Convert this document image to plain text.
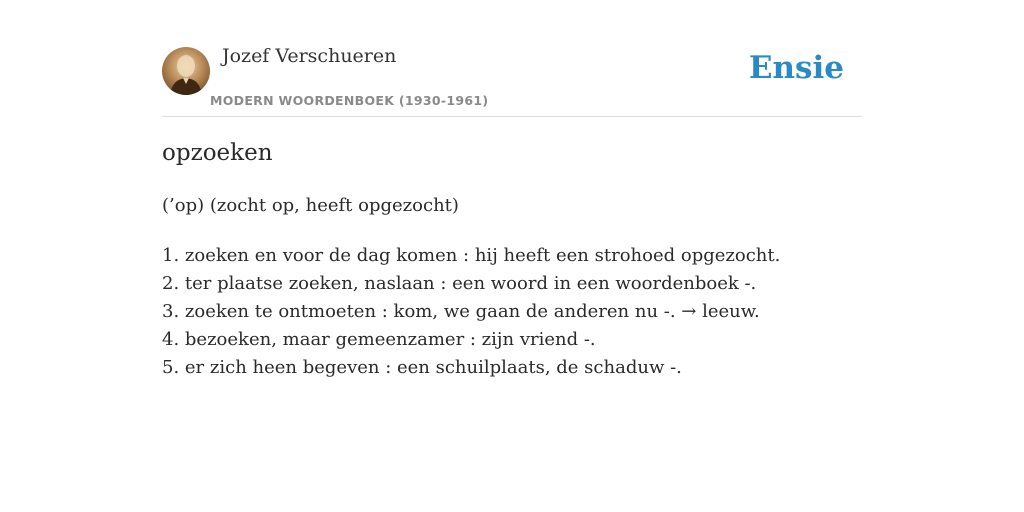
Jozef Verschueren
MODERN WOORDENBOEK (1930-1961)
Ensie
opzoeken
(’op) (zocht op, heeft opgezocht)
1. zoeken en voor de dag komen : hij heeft een strohoed opgezocht.
2. ter plaatse zoeken, naslaan : een woord in een woordenboek -.
3. zoeken te ontmoeten : kom, we gaan de anderen nu -. → leeuw.
4. bezoeken, maar gemeenzamer : zijn vriend -.
5. er zich heen begeven : een schuilplaats, de schaduw -.
